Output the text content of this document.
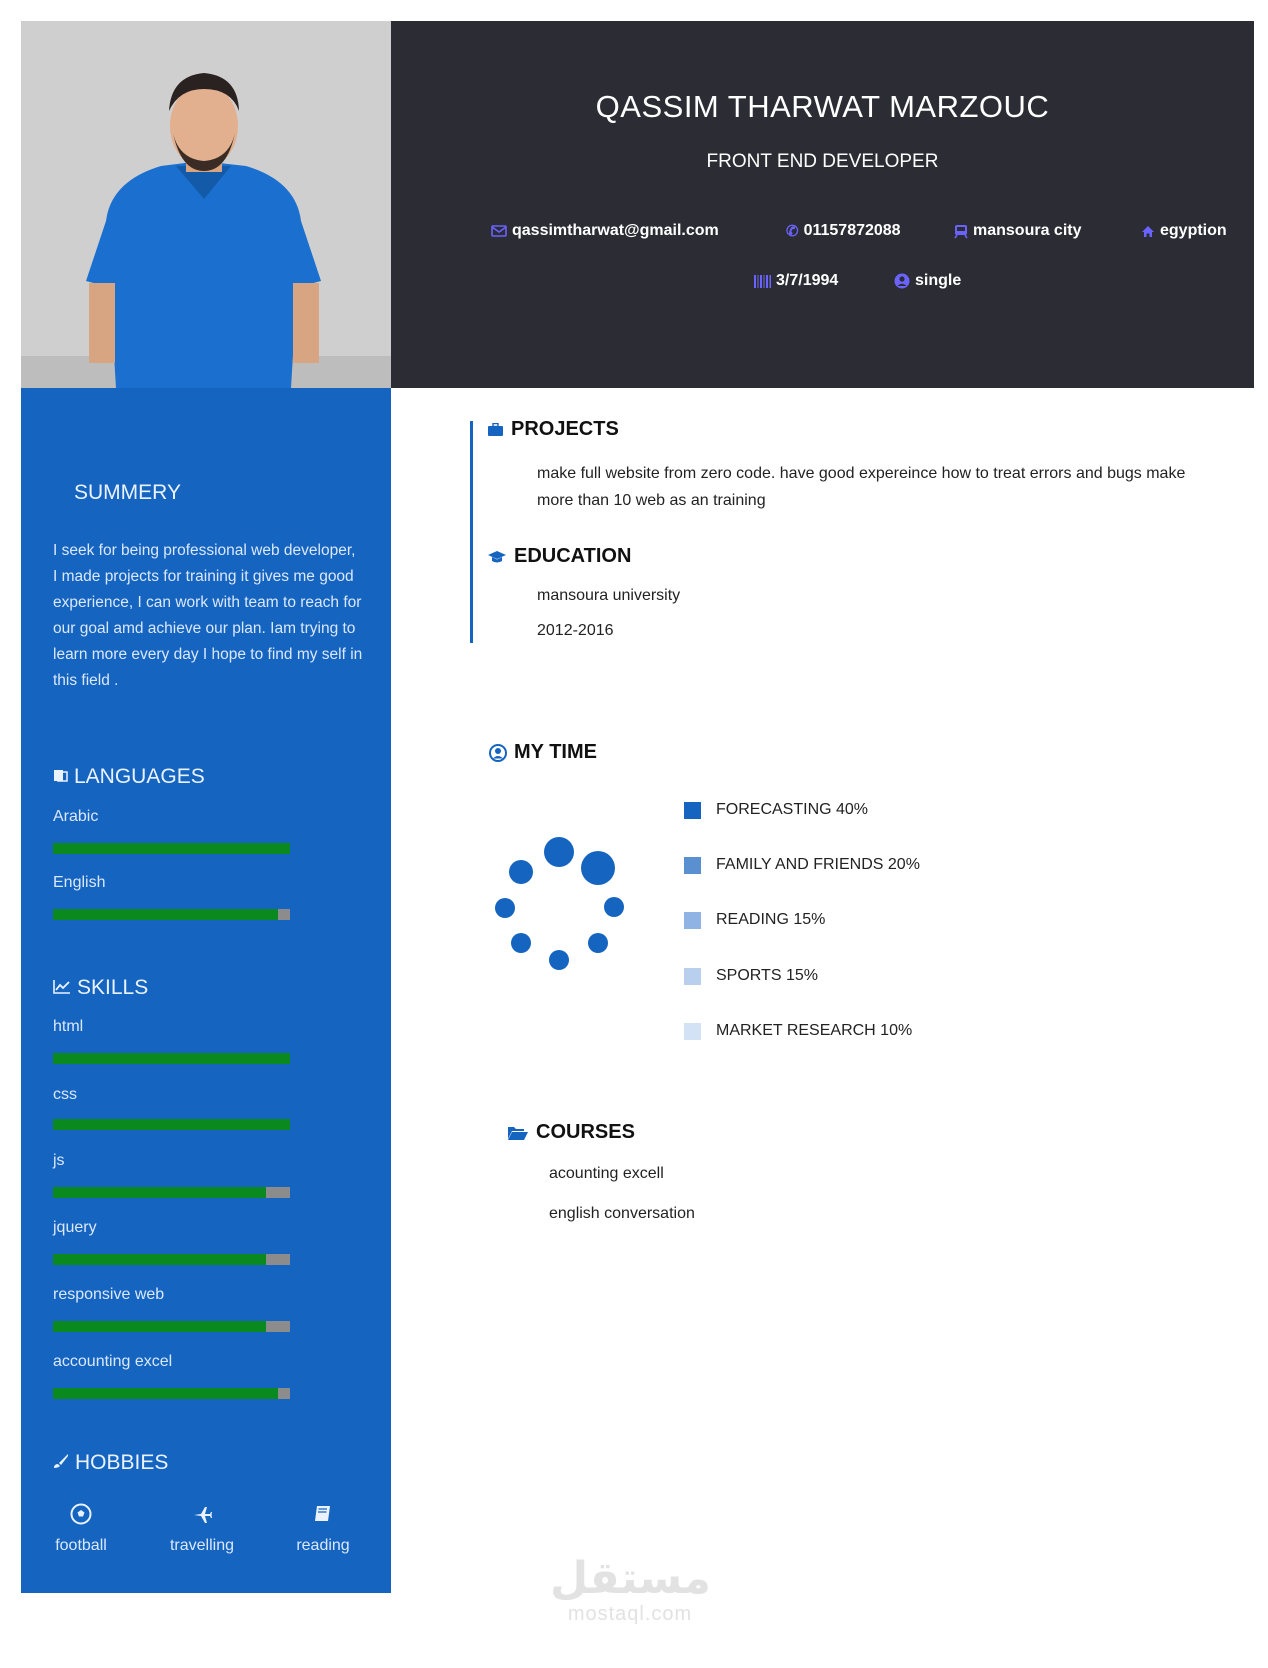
QASSIM THARWAT MARZOUC
FRONT END DEVELOPER
qassimtharwat@gmail.com	✆ 01157872088	mansoura city	egyption
3/7/1994	single
SUMMERY
I seek for being professional web developer, I made projects for training it gives me good experience, I can work with team to reach for our goal amd achieve our plan. Iam trying to learn more every day I hope to find my self in this field .
LANGUAGES
Arabic
English
SKILLS
html
css
js
jquery
responsive web
accounting excel
HOBBIES
football	travelling	reading
PROJECTS
make full website from zero code. have good expereince how to treat errors and bugs make
more than 10 web as an training
EDUCATION
mansoura university
2012-2016
MY TIME
FORECASTING 40%
FAMILY AND FRIENDS 20%
READING 15%
SPORTS 15%
MARKET RESEARCH 10%
COURSES
acounting excell
english conversation
مستقل
mostaql.com
